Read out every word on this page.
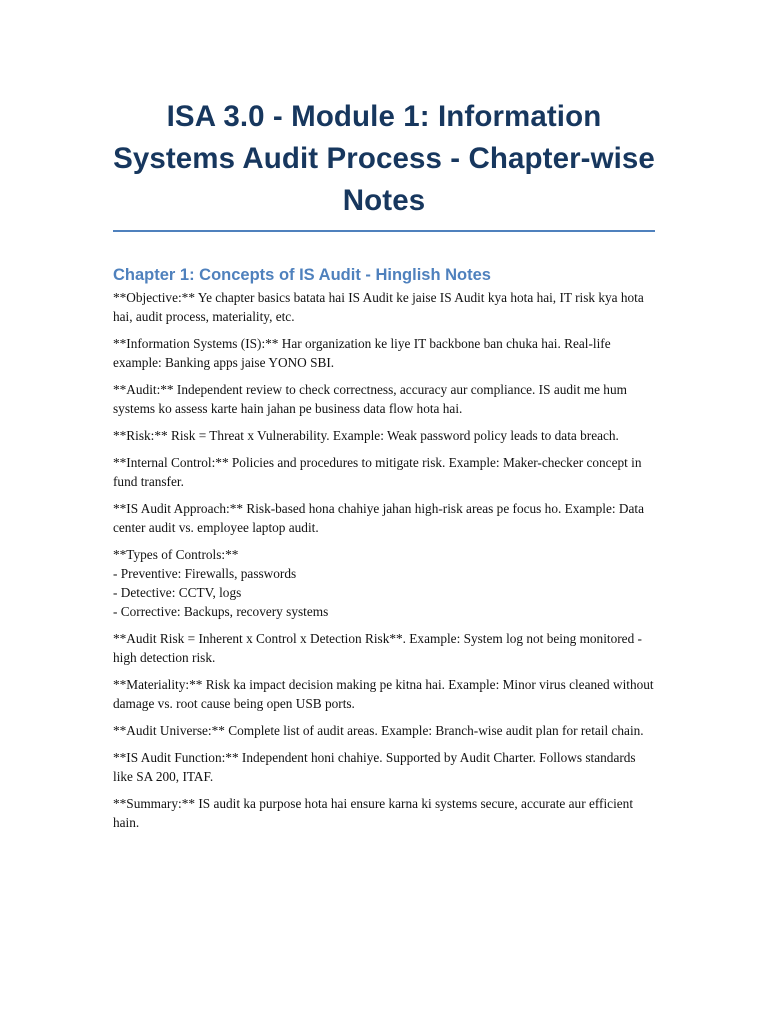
ISA 3.0 - Module 1: Information Systems Audit Process - Chapter-wise Notes
Chapter 1: Concepts of IS Audit - Hinglish Notes

**Objective:** Ye chapter basics batata hai IS Audit ke jaise IS Audit kya hota hai, IT risk kya hota hai, audit process, materiality, etc.

**Information Systems (IS):** Har organization ke liye IT backbone ban chuka hai. Real-life example: Banking apps jaise YONO SBI.

**Audit:** Independent review to check correctness, accuracy aur compliance. IS audit me hum systems ko assess karte hain jahan pe business data flow hota hai.

**Risk:** Risk = Threat x Vulnerability. Example: Weak password policy leads to data breach.

**Internal Control:** Policies and procedures to mitigate risk. Example: Maker-checker concept in fund transfer.

**IS Audit Approach:** Risk-based hona chahiye jahan high-risk areas pe focus ho. Example: Data center audit vs. employee laptop audit.

**Types of Controls:**
- Preventive: Firewalls, passwords
- Detective: CCTV, logs
- Corrective: Backups, recovery systems

**Audit Risk = Inherent x Control x Detection Risk**. Example: System log not being monitored - high detection risk.

**Materiality:** Risk ka impact decision making pe kitna hai. Example: Minor virus cleaned without damage vs. root cause being open USB ports.

**Audit Universe:** Complete list of audit areas. Example: Branch-wise audit plan for retail chain.

**IS Audit Function:** Independent honi chahiye. Supported by Audit Charter. Follows standards like SA 200, ITAF.

**Summary:** IS audit ka purpose hota hai ensure karna ki systems secure, accurate aur efficient hain.
